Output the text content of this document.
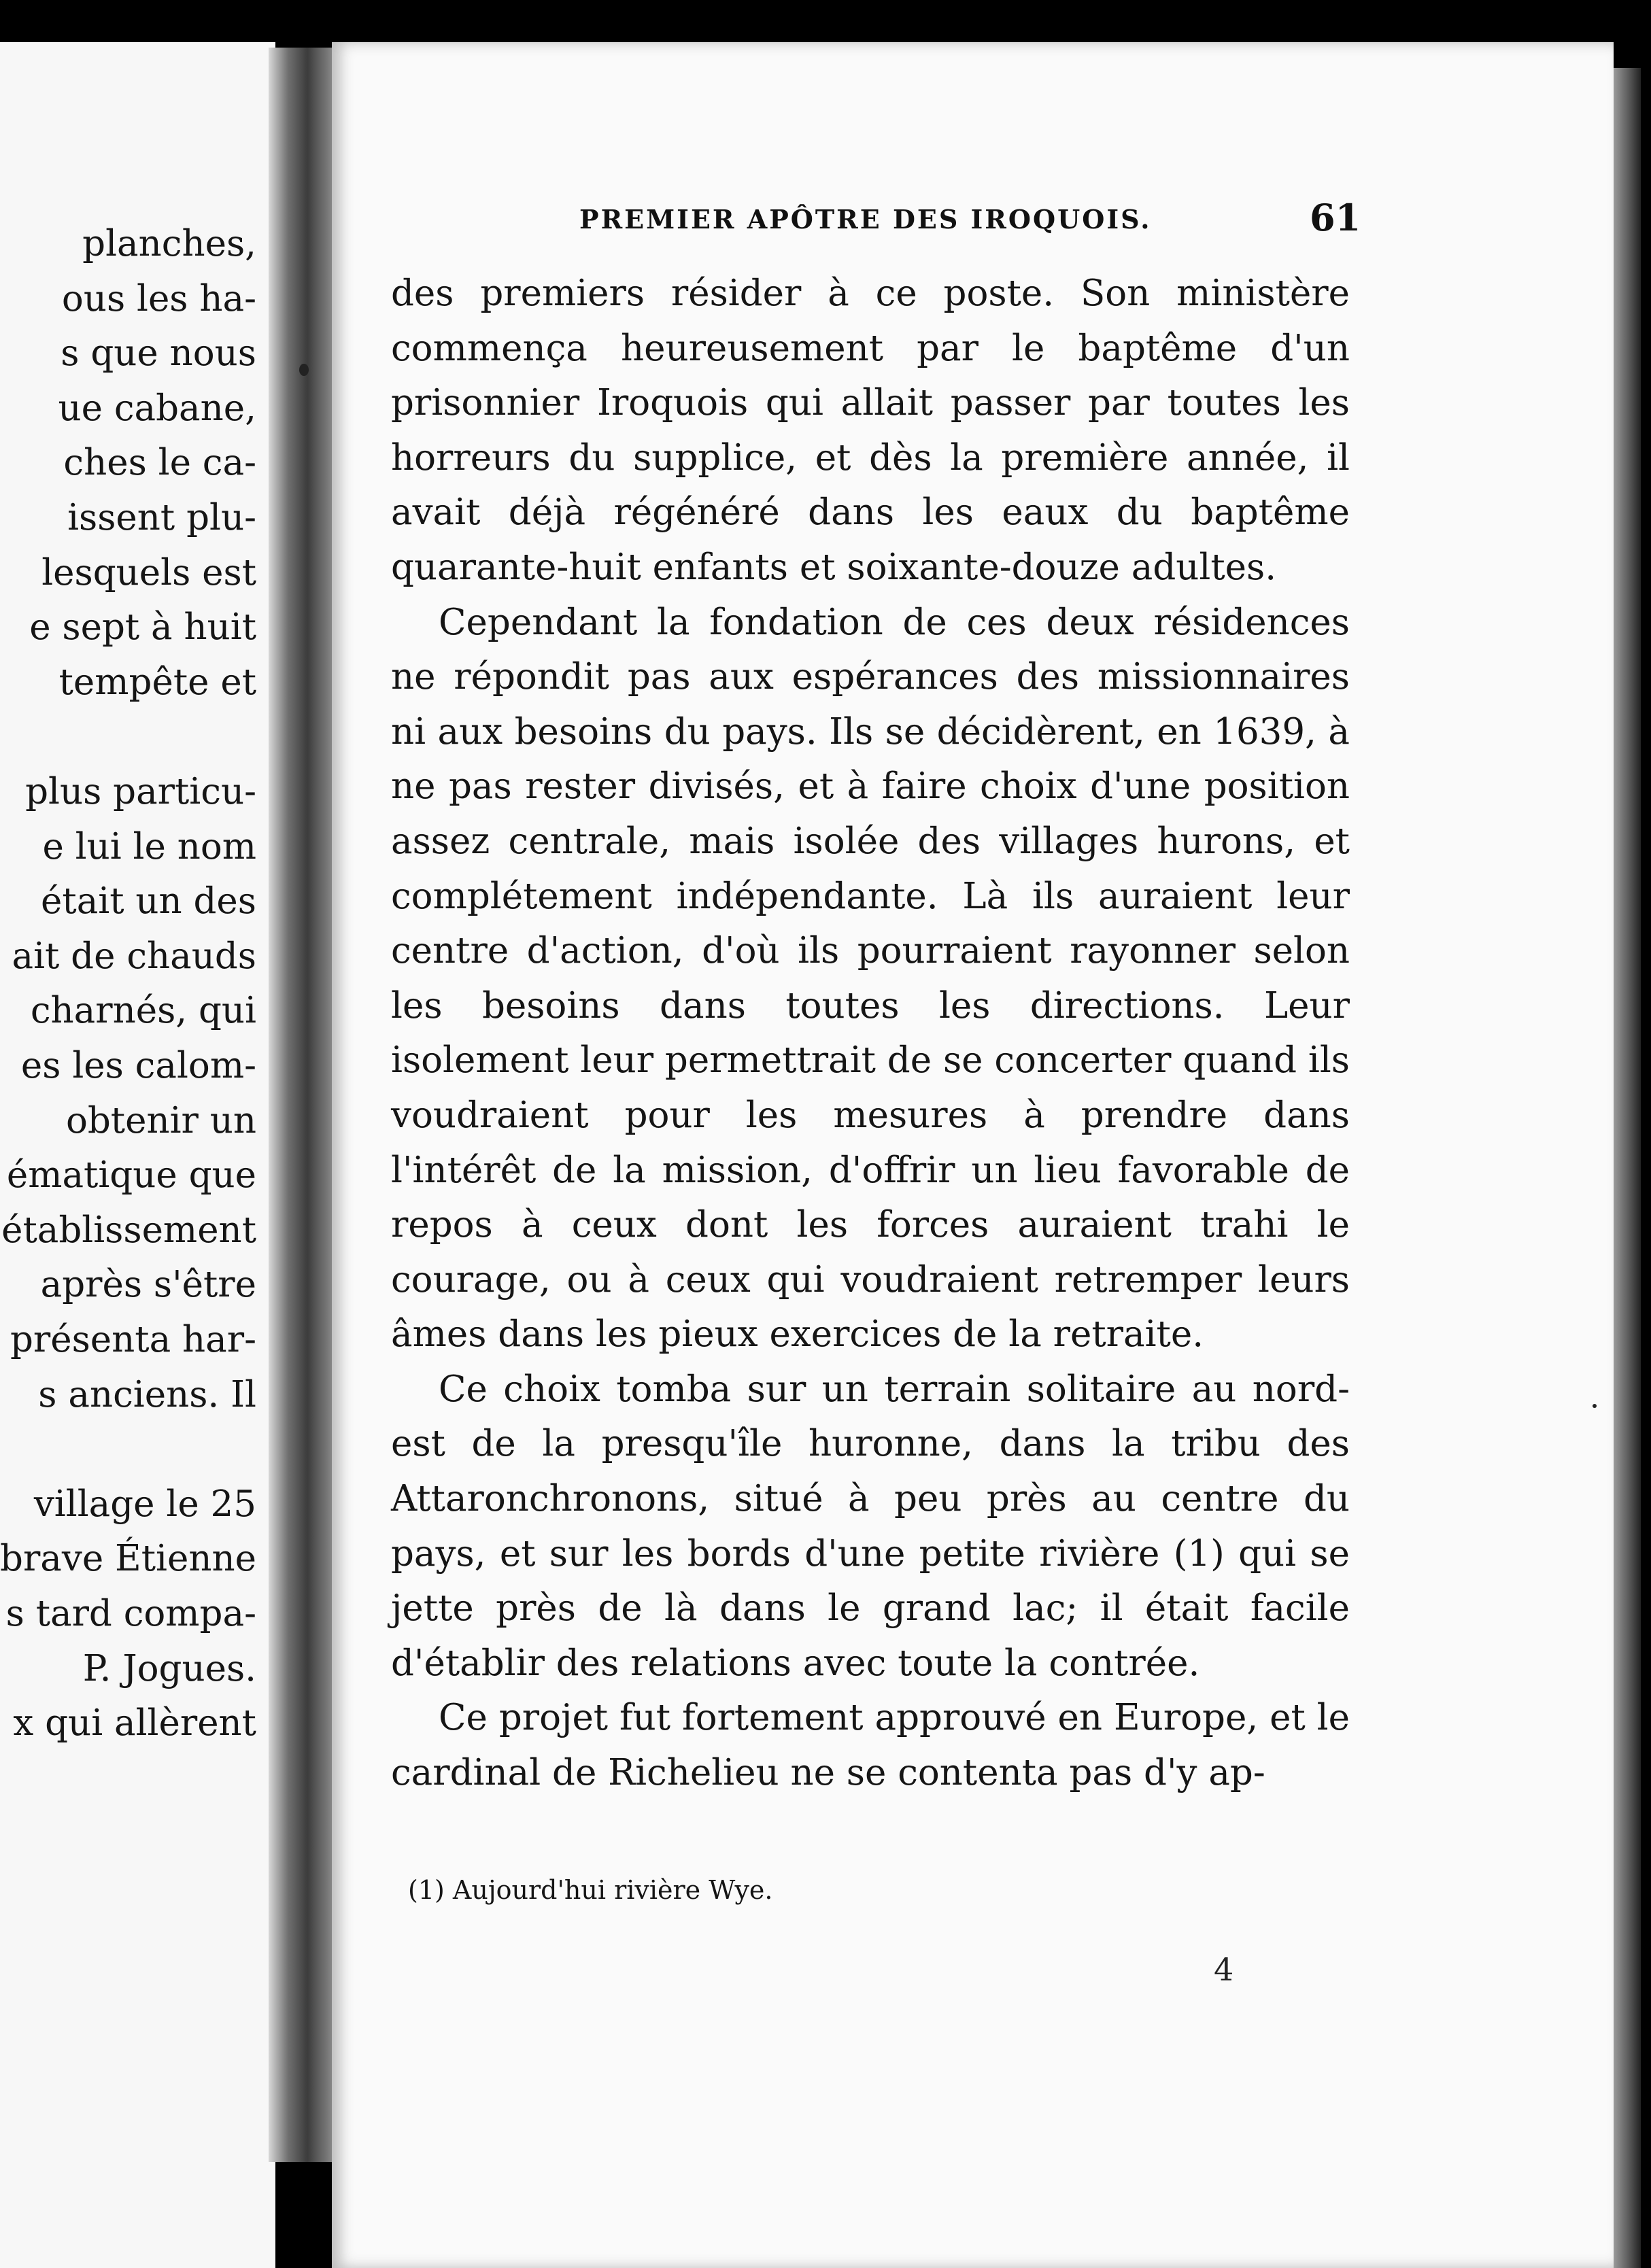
planches,
ous les ha-
s que nous
ue cabane,
ches le ca-
issent plu-
lesquels est
e sept à huit
tempête et
plus particu-
e lui le nom
était un des
ait de chauds
charnés, qui
es les calom-
obtenir un
ématique que
établissement
après s'être
présenta har-
s anciens. Il
village le 25
brave Étienne
s tard compa-
P. Jogues.
x qui allèrent
PREMIER APÔTRE DES IROQUOIS.	61

des premiers résider à ce poste. Son ministère commença heureusement par le baptême d'un prisonnier Iroquois qui allait passer par toutes les horreurs du supplice, et dès la première année, il avait déjà régénéré dans les eaux du baptême quarante-huit enfants et soixante-douze adultes.

Cependant la fondation de ces deux résidences ne répondit pas aux espérances des missionnaires ni aux besoins du pays. Ils se décidèrent, en 1639, à ne pas rester divisés, et à faire choix d'une position assez centrale, mais isolée des villages hurons, et complétement indépendante. Là ils auraient leur centre d'action, d'où ils pourraient rayonner selon les besoins dans toutes les directions. Leur isolement leur permettrait de se concerter quand ils voudraient pour les mesures à prendre dans l'intérêt de la mission, d'offrir un lieu favorable de repos à ceux dont les forces auraient trahi le courage, ou à ceux qui voudraient retremper leurs âmes dans les pieux exercices de la retraite.

Ce choix tomba sur un terrain solitaire au nord-est de la presqu'île huronne, dans la tribu des Attaronchronons, situé à peu près au centre du pays, et sur les bords d'une petite rivière (1) qui se jette près de là dans le grand lac; il était facile d'établir des relations avec toute la contrée.

Ce projet fut fortement approuvé en Europe, et le cardinal de Richelieu ne se contenta pas d'y ap-

(1) Aujourd'hui rivière Wye.
4
